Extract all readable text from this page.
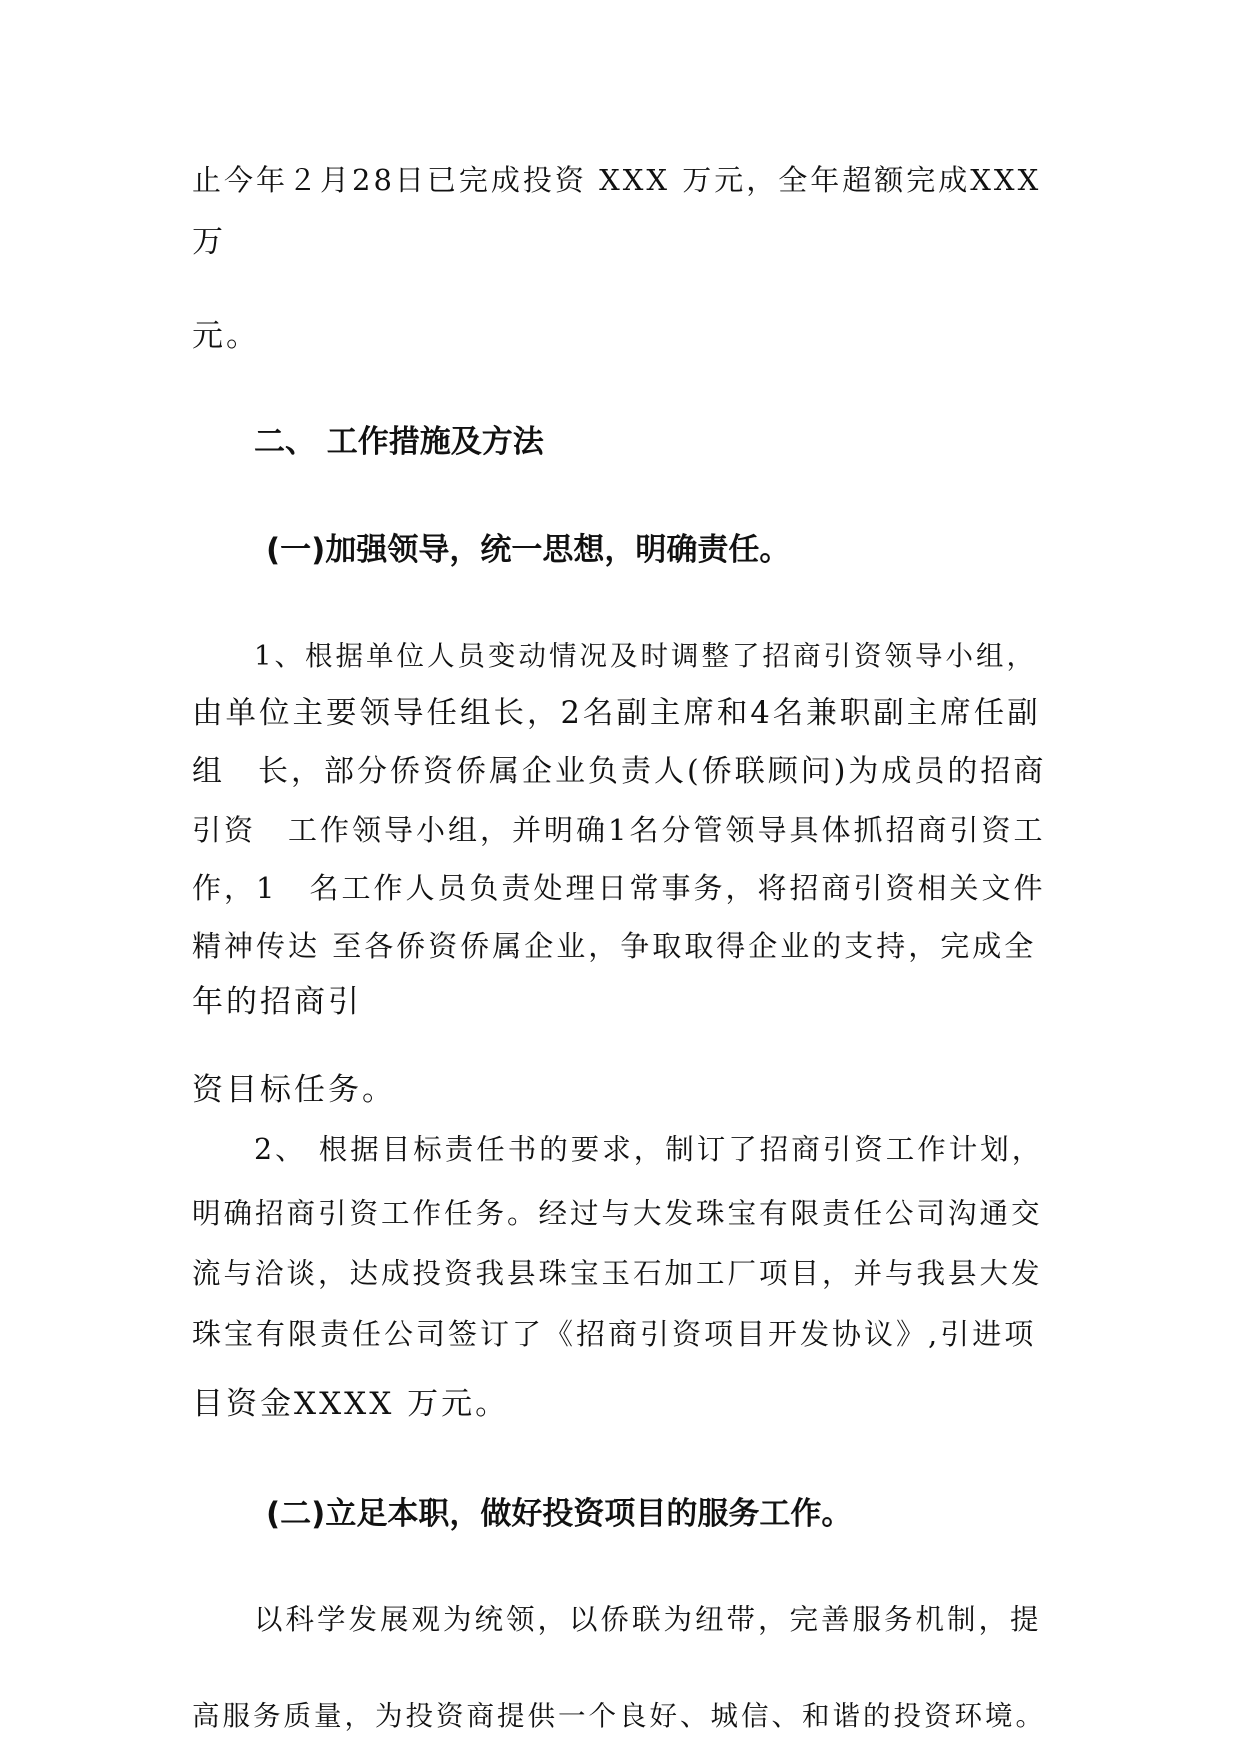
止今年２月28日已完成投资 XXX 万元，全年超额完成XXX
万
元。
二、 工作措施及方法
(一)加强领导，统一思想，明确责任。
1、根据单位人员变动情况及时调整了招商引资领导小组，
由单位主要领导任组长，2名副主席和4名兼职副主席任副
组　长，部分侨资侨属企业负责人(侨联顾问)为成员的招商
引资　工作领导小组，并明确1名分管领导具体抓招商引资工
作，1　名工作人员负责处理日常事务，将招商引资相关文件
精神传达 至各侨资侨属企业，争取取得企业的支持，完成全
年的招商引
资目标任务。
2、 根据目标责任书的要求，制订了招商引资工作计划，
明确招商引资工作任务。经过与大发珠宝有限责任公司沟通交
流与洽谈，达成投资我县珠宝玉石加工厂项目，并与我县大发
珠宝有限责任公司签订了《招商引资项目开发协议》,引进项
目资金XXXX 万元。
(二)立足本职，做好投资项目的服务工作。
以科学发展观为统领，以侨联为纽带，完善服务机制，提
高服务质量，为投资商提供一个良好、城信、和谐的投资环境。
